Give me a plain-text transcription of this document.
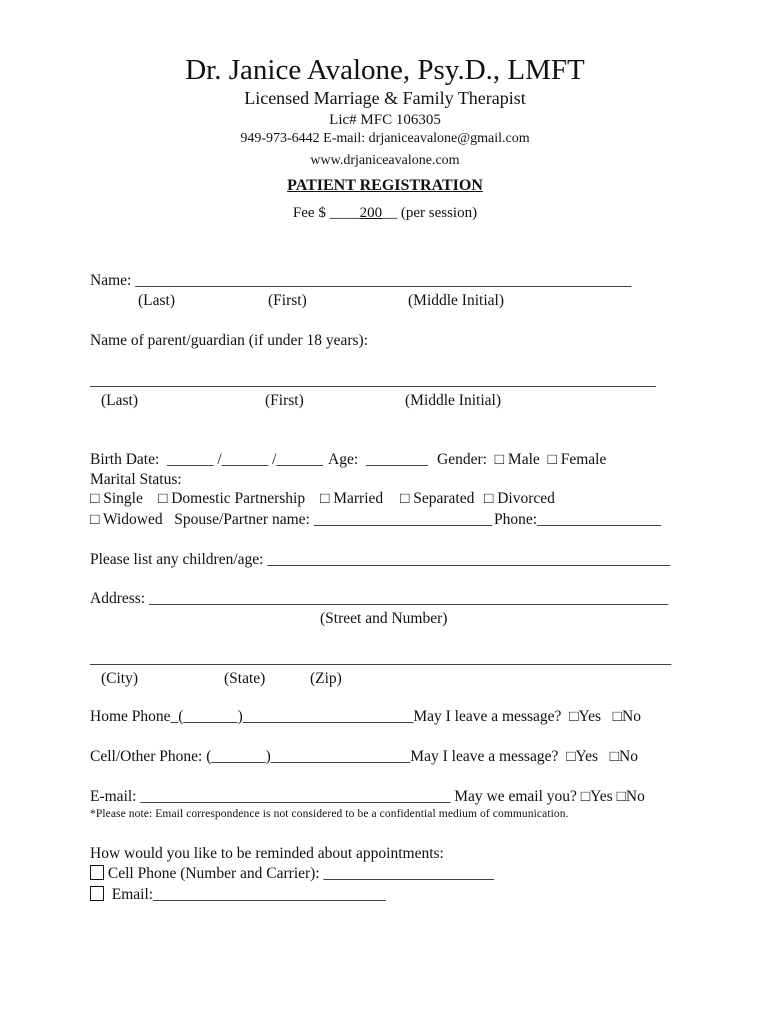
Dr. Janice Avalone, Psy.D., LMFT
Licensed Marriage & Family Therapist
Lic# MFC 106305
949-973-6442 E-mail: drjaniceavalone@gmail.com
www.drjaniceavalone.com
PATIENT REGISTRATION
Fee $ ____200__ (per session)
Name: ________________________________________________________________
(Last)	(First)	(Middle Initial)
Name of parent/guardian (if under 18 years):
_________________________________________________________________________
(Last)	(First)	(Middle Initial)
Birth Date:  ______ /______ /______ Age:  ________ Gender:  □ Male  □ Female
Marital Status:
□ Single □ Domestic Partnership □ Married □ Separated □ Divorced
□ Widowed   Spouse/Partner name: _______________________ Phone:________________
Please list any children/age: ____________________________________________________
Address: ___________________________________________________________________
(Street and Number)
___________________________________________________________________________
(City)	(State)	(Zip)
Home Phone_(_______)______________________May I leave a message?  □Yes   □No
Cell/Other Phone: (_______)__________________May I leave a message?  □Yes   □No
E-mail: ________________________________________ May we email you? □Yes □No
*Please note: Email correspondence is not considered to be a confidential medium of communication.
How would you like to be reminded about appointments:
Cell Phone (Number and Carrier): ______________________
Email:______________________________
